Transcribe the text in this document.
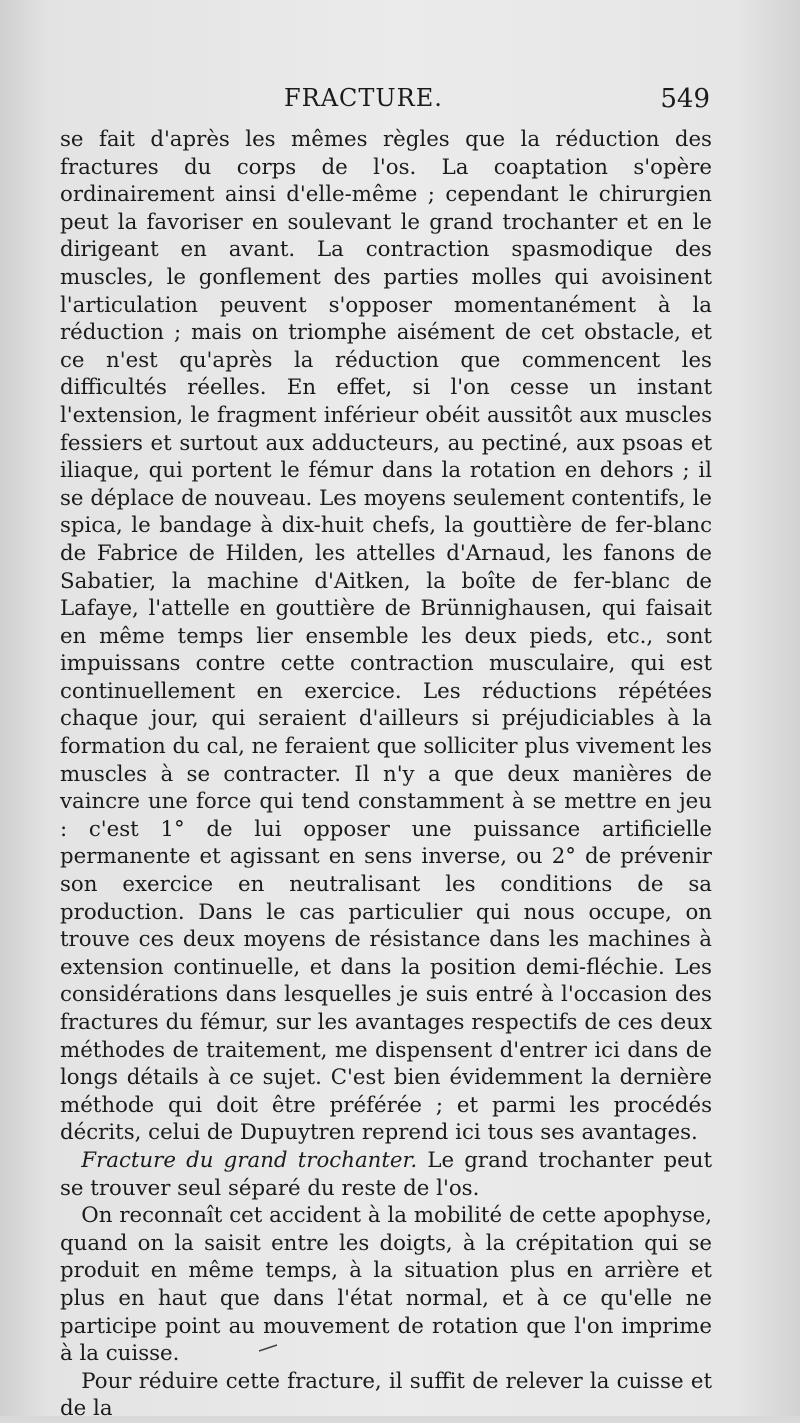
FRACTURE.	549

se fait d'après les mêmes règles que la réduction des fractures du corps de l'os. La coaptation s'opère ordinairement ainsi d'elle-même ; cependant le chirurgien peut la favoriser en soulevant le grand trochanter et en le dirigeant en avant. La contraction spasmodique des muscles, le gonflement des parties molles qui avoisinent l'articulation peuvent s'opposer momentanément à la réduction ; mais on triomphe aisément de cet obstacle, et ce n'est qu'après la réduction que commencent les difficultés réelles. En effet, si l'on cesse un instant l'extension, le fragment inférieur obéit aussitôt aux muscles fessiers et surtout aux adducteurs, au pectiné, aux psoas et iliaque, qui portent le fémur dans la rotation en dehors ; il se déplace de nouveau. Les moyens seulement contentifs, le spica, le bandage à dix-huit chefs, la gouttière de fer-blanc de Fabrice de Hilden, les attelles d'Arnaud, les fanons de Sabatier, la machine d'Aitken, la boîte de fer-blanc de Lafaye, l'attelle en gouttière de Brünnighausen, qui faisait en même temps lier ensemble les deux pieds, etc., sont impuissans contre cette contraction musculaire, qui est continuellement en exercice. Les réductions répétées chaque jour, qui seraient d'ailleurs si préjudiciables à la formation du cal, ne feraient que solliciter plus vivement les muscles à se contracter. Il n'y a que deux manières de vaincre une force qui tend constamment à se mettre en jeu : c'est 1° de lui opposer une puissance artificielle permanente et agissant en sens inverse, ou 2° de prévenir son exercice en neutralisant les conditions de sa production. Dans le cas particulier qui nous occupe, on trouve ces deux moyens de résistance dans les machines à extension continuelle, et dans la position demi-fléchie. Les considérations dans lesquelles je suis entré à l'occasion des fractures du fémur, sur les avantages respectifs de ces deux méthodes de traitement, me dispensent d'entrer ici dans de longs détails à ce sujet. C'est bien évidemment la dernière méthode qui doit être préférée ; et parmi les procédés décrits, celui de Dupuytren reprend ici tous ses avantages.

Fracture du grand trochanter. Le grand trochanter peut se trouver seul séparé du reste de l'os.

On reconnaît cet accident à la mobilité de cette apophyse, quand on la saisit entre les doigts, à la crépitation qui se produit en même temps, à la situation plus en arrière et plus en haut que dans l'état normal, et à ce qu'elle ne participe point au mouvement de rotation que l'on imprime à la cuisse.

Pour réduire cette fracture, il suffit de relever la cuisse et de la
